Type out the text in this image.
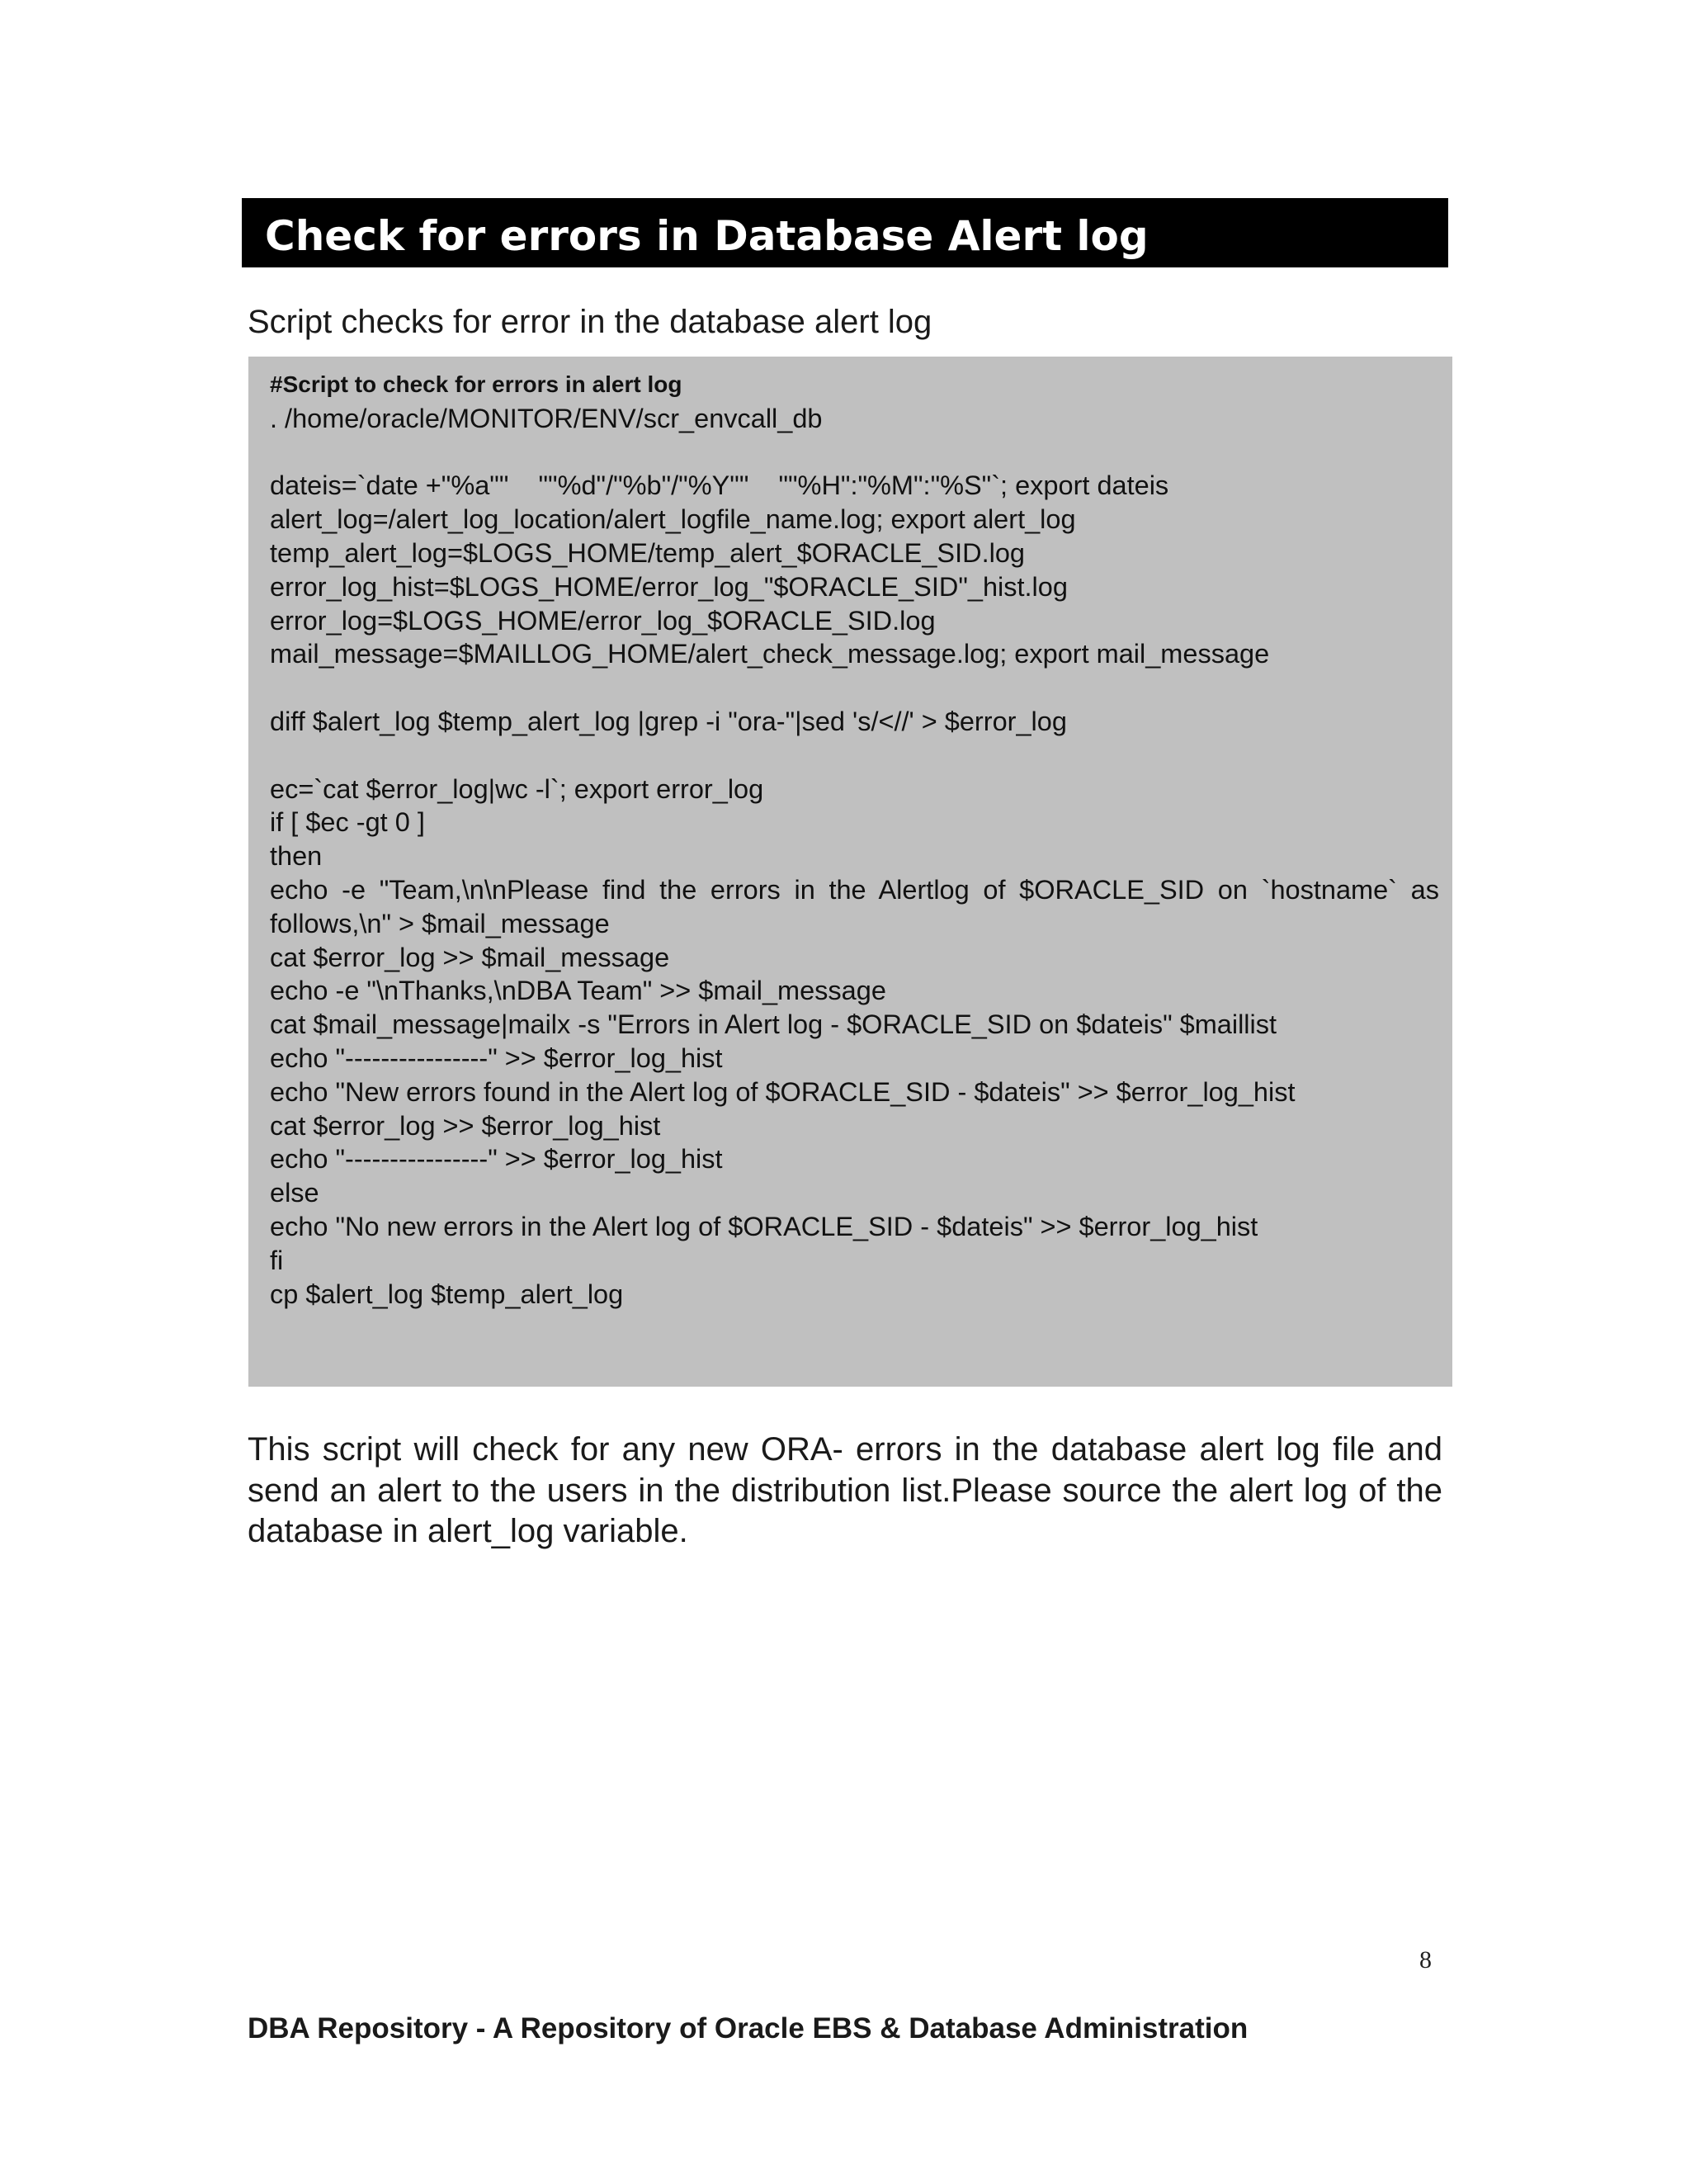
Check for errors in Database Alert log
Script checks for error in the database alert log
#Script to check for errors in alert log
. /home/oracle/MONITOR/ENV/scr_envcall_db
dateis=`date +"%a""    ""%d"/"%b"/"%Y""    ""%H":"%M":"%S"`; export dateis
alert_log=/alert_log_location/alert_logfile_name.log; export alert_log
temp_alert_log=$LOGS_HOME/temp_alert_$ORACLE_SID.log
error_log_hist=$LOGS_HOME/error_log_"$ORACLE_SID"_hist.log
error_log=$LOGS_HOME/error_log_$ORACLE_SID.log
mail_message=$MAILLOG_HOME/alert_check_message.log; export mail_message
diff $alert_log $temp_alert_log |grep -i "ora-"|sed 's/<//' > $error_log
ec=`cat $error_log|wc -l`; export error_log
if [ $ec -gt 0 ]
then
echo -e "Team,\n\nPlease find the errors in the Alertlog of $ORACLE_SID on `hostname` as
follows,\n" > $mail_message
cat $error_log >> $mail_message
echo -e "\nThanks,\nDBA Team" >> $mail_message
cat $mail_message|mailx -s "Errors in Alert log - $ORACLE_SID on $dateis" $maillist
echo "----------------" >> $error_log_hist
echo "New errors found in the Alert log of $ORACLE_SID - $dateis" >> $error_log_hist
cat $error_log >> $error_log_hist
echo "----------------" >> $error_log_hist
else
echo "No new errors in the Alert log of $ORACLE_SID - $dateis" >> $error_log_hist
fi
cp $alert_log $temp_alert_log
This script will check for any new ORA- errors in the database alert log file and send an alert to the users in the distribution list.Please source the alert log of the database in alert_log variable.
8
DBA Repository - A Repository of Oracle EBS & Database Administration
